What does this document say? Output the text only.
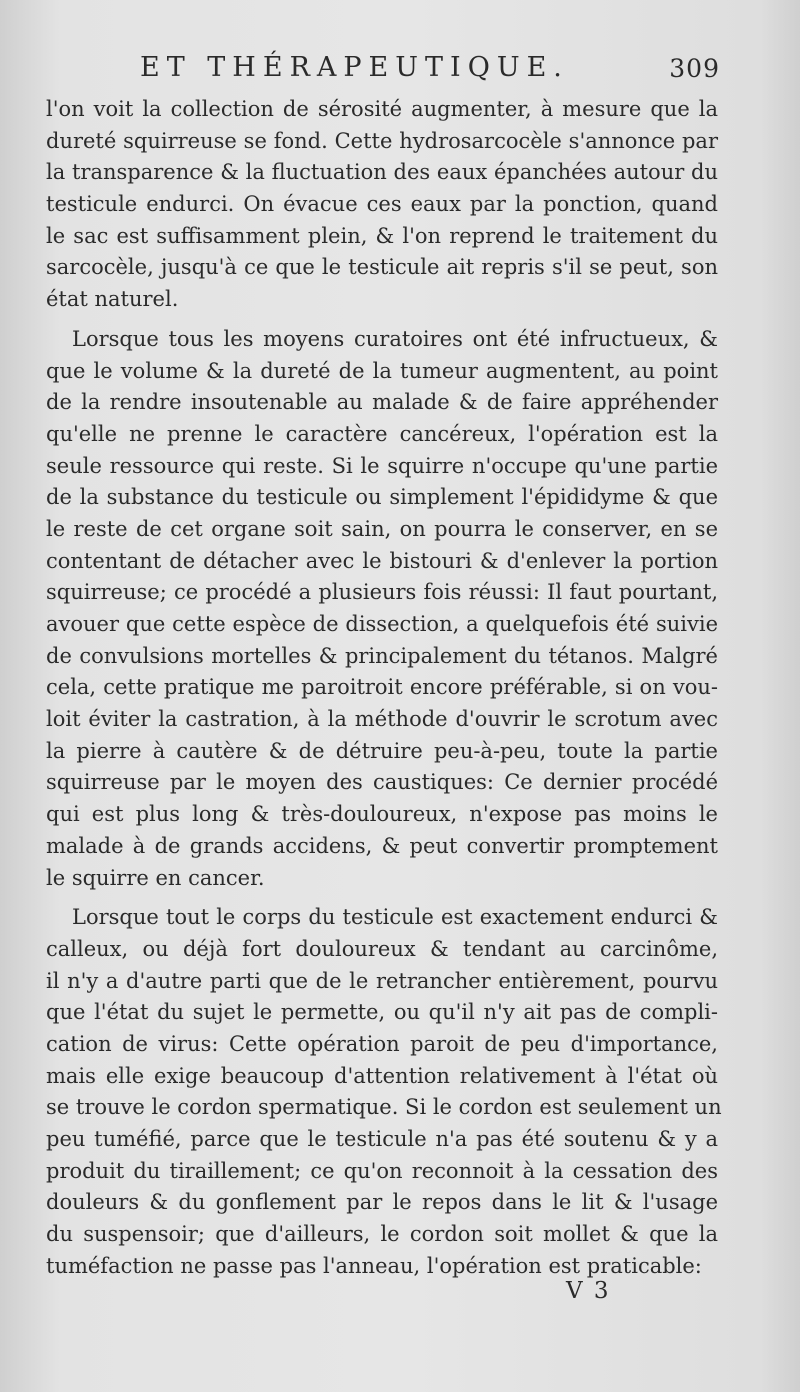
ET THÉRAPEUTIQUE.	309
l'on voit la collection de sérosité augmenter, à mesure que la
dureté squirreuse se fond. Cette hydrosarcocèle s'annonce par
la transparence & la fluctuation des eaux épanchées autour du
testicule endurci. On évacue ces eaux par la ponction, quand
le sac est suffisamment plein, & l'on reprend le traitement du
sarcocèle, jusqu'à ce que le testicule ait repris s'il se peut, son
état naturel.
Lorsque tous les moyens curatoires ont été infructueux, &
que le volume & la dureté de la tumeur augmentent, au point
de la rendre insoutenable au malade & de faire appréhender
qu'elle ne prenne le caractère cancéreux, l'opération est la
seule ressource qui reste. Si le squirre n'occupe qu'une partie
de la substance du testicule ou simplement l'épididyme & que
le reste de cet organe soit sain, on pourra le conserver, en se
contentant de détacher avec le bistouri & d'enlever la portion
squirreuse; ce procédé a plusieurs fois réussi: Il faut pourtant,
avouer que cette espèce de dissection, a quelquefois été suivie
de convulsions mortelles & principalement du tétanos. Malgré
cela, cette pratique me paroitroit encore préférable, si on vou-
loit éviter la castration, à la méthode d'ouvrir le scrotum avec
la pierre à cautère & de détruire peu-à-peu, toute la partie
squirreuse par le moyen des caustiques: Ce dernier procédé
qui est plus long & très-douloureux, n'expose pas moins le
malade à de grands accidens, & peut convertir promptement
le squirre en cancer.
Lorsque tout le corps du testicule est exactement endurci &
calleux, ou déjà fort douloureux & tendant au carcinôme,
il n'y a d'autre parti que de le retrancher entièrement, pourvu
que l'état du sujet le permette, ou qu'il n'y ait pas de compli-
cation de virus: Cette opération paroit de peu d'importance,
mais elle exige beaucoup d'attention relativement à l'état où
se trouve le cordon spermatique. Si le cordon est seulement un
peu tuméfié, parce que le testicule n'a pas été soutenu & y a
produit du tiraillement; ce qu'on reconnoit à la cessation des
douleurs & du gonflement par le repos dans le lit & l'usage
du suspensoir; que d'ailleurs, le cordon soit mollet & que la
tuméfaction ne passe pas l'anneau, l'opération est praticable:
V 3
